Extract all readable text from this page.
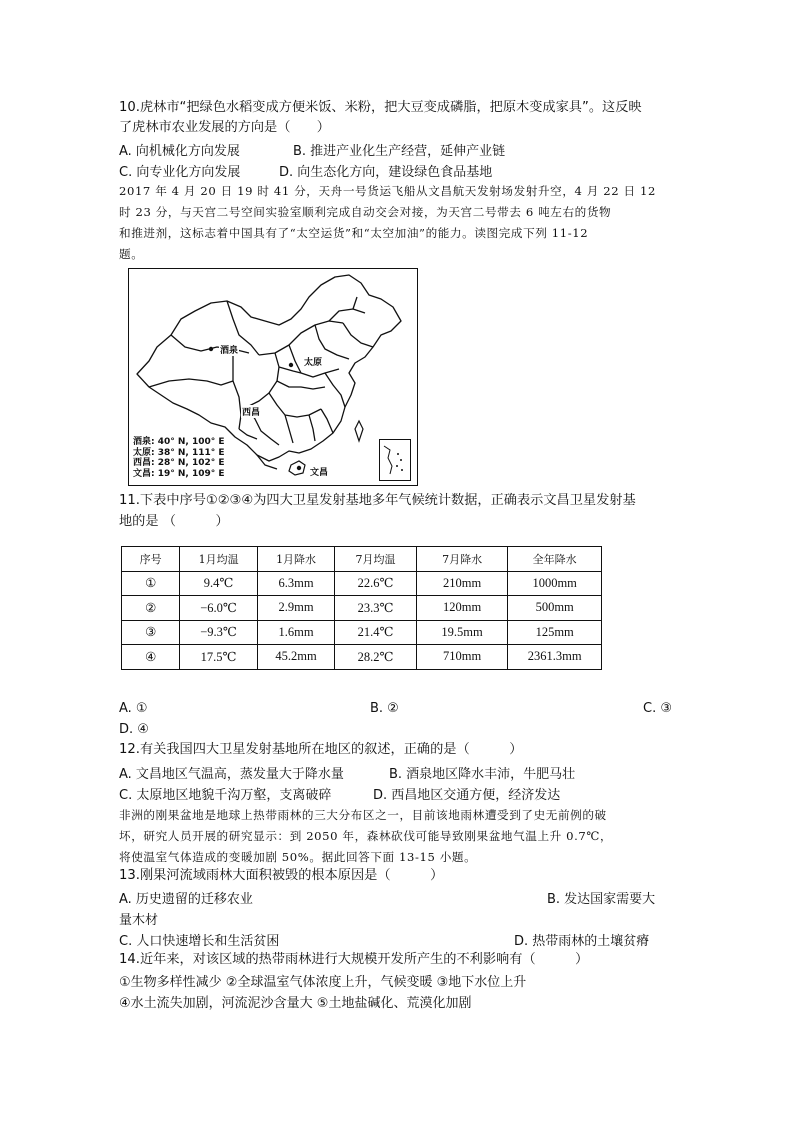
10.虎林市“把绿色水稻变成方便米饭、米粉，把大豆变成磷脂，把原木变成家具”。这反映
了虎林市农业发展的方向是（　　）
A. 向机械化方向发展	B. 推进产业化生产经营，延伸产业链
C. 向专业化方向发展	D. 向生态化方向，建设绿色食品基地
2017 年 4 月 20 日 19 时 41 分，天舟一号货运飞船从文昌航天发射场发射升空，4 月 22 日 12
时 23 分，与天宫二号空间实验室顺利完成自动交会对接，为天宫二号带去 6 吨左右的货物
和推进剂，这标志着中国具有了“太空运货”和“太空加油”的能力。读图完成下列 11-12
题。
酒泉
太原
西昌
文昌
酒泉: 40° N, 100° E
太原: 38° N, 111° E
西昌: 28° N, 102° E
文昌: 19° N, 109° E
11.下表中序号①②③④为四大卫星发射基地多年气候统计数据，正确表示文昌卫星发射基
地的是 （　　　）
序号	1月均温	1月降水	7月均温	7月降水	全年降水
①	9.4℃	6.3mm	22.6℃	210mm	1000mm
②	−6.0℃	2.9mm	23.3℃	120mm	500mm
③	−9.3℃	1.6mm	21.4℃	19.5mm	125mm
④	17.5℃	45.2mm	28.2℃	710mm	2361.3mm
A. ①	B. ②	C. ③
D. ④
12.有关我国四大卫星发射基地所在地区的叙述，正确的是（　　　）
A. 文昌地区气温高，蒸发量大于降水量	B. 酒泉地区降水丰沛，牛肥马壮
C. 太原地区地貌千沟万壑，支离破碎	D. 西昌地区交通方便，经济发达
非洲的刚果盆地是地球上热带雨林的三大分布区之一，目前该地雨林遭受到了史无前例的破
坏，研究人员开展的研究显示：到 2050 年，森林砍伐可能导致刚果盆地气温上升 0.7℃，
将使温室气体造成的变暖加剧 50%。据此回答下面 13-15 小题。
13.刚果河流域雨林大面积被毁的根本原因是（　　　）
A. 历史遗留的迁移农业	B. 发达国家需要大
量木材
C. 人口快速增长和生活贫困	D. 热带雨林的土壤贫瘠
14.近年来，对该区域的热带雨林进行大规模开发所产生的不利影响有（　　　）
①生物多样性减少 ②全球温室气体浓度上升，气候变暖 ③地下水位上升
④水土流失加剧，河流泥沙含量大 ⑤土地盐碱化、荒漠化加剧
